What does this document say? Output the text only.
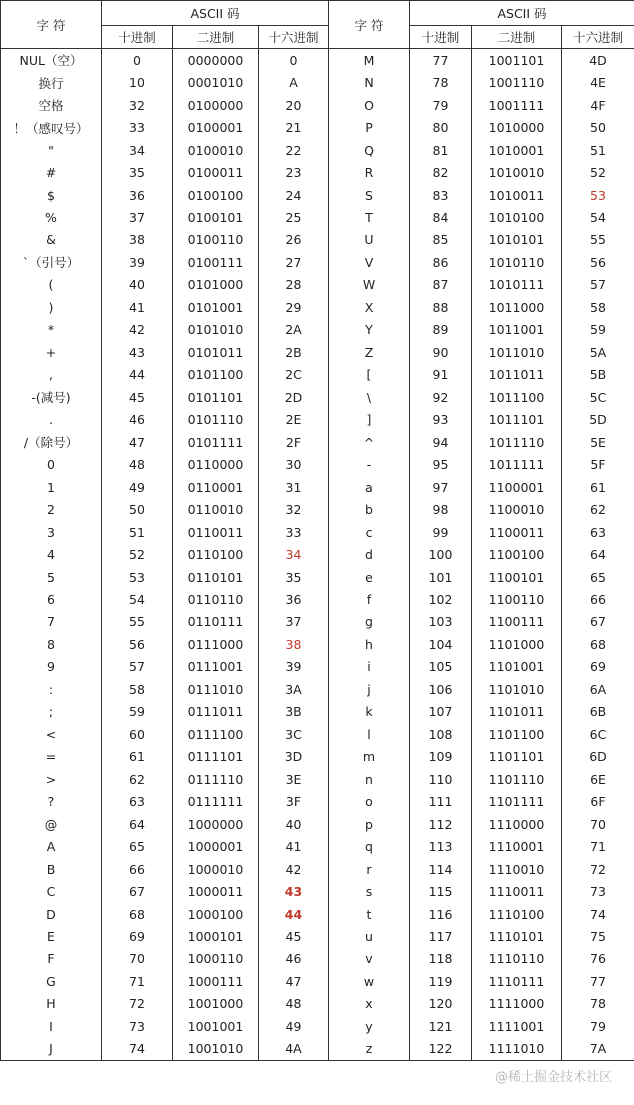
字 符	ASCII 码			字 符	ASCII 码		
	十进制	二进制	十六进制		十进制	二进制	十六进制
NUL（空）	0	0000000	0	M	77	1001101	4D
换行	10	0001010	A	N	78	1001110	4E
空格	32	0100000	20	O	79	1001111	4F
！（感叹号）	33	0100001	21	P	80	1010000	50
"	34	0100010	22	Q	81	1010001	51
#	35	0100011	23	R	82	1010010	52
$	36	0100100	24	S	83	1010011	53
%	37	0100101	25	T	84	1010100	54
&	38	0100110	26	U	85	1010101	55
`（引号）	39	0100111	27	V	86	1010110	56
(	40	0101000	28	W	87	1010111	57
)	41	0101001	29	X	88	1011000	58
*	42	0101010	2A	Y	89	1011001	59
+	43	0101011	2B	Z	90	1011010	5A
,	44	0101100	2C	[	91	1011011	5B
-(减号)	45	0101101	2D	\	92	1011100	5C
.	46	0101110	2E	]	93	1011101	5D
/（除号）	47	0101111	2F	^	94	1011110	5E
0	48	0110000	30	-	95	1011111	5F
1	49	0110001	31	a	97	1100001	61
2	50	0110010	32	b	98	1100010	62
3	51	0110011	33	c	99	1100011	63
4	52	0110100	34	d	100	1100100	64
5	53	0110101	35	e	101	1100101	65
6	54	0110110	36	f	102	1100110	66
7	55	0110111	37	g	103	1100111	67
8	56	0111000	38	h	104	1101000	68
9	57	0111001	39	i	105	1101001	69
:	58	0111010	3A	j	106	1101010	6A
;	59	0111011	3B	k	107	1101011	6B
<	60	0111100	3C	l	108	1101100	6C
=	61	0111101	3D	m	109	1101101	6D
>	62	0111110	3E	n	110	1101110	6E
?	63	0111111	3F	o	111	1101111	6F
@	64	1000000	40	p	112	1110000	70
A	65	1000001	41	q	113	1110001	71
B	66	1000010	42	r	114	1110010	72
C	67	1000011	43	s	115	1110011	73
D	68	1000100	44	t	116	1110100	74
E	69	1000101	45	u	117	1110101	75
F	70	1000110	46	v	118	1110110	76
G	71	1000111	47	w	119	1110111	77
H	72	1001000	48	x	120	1111000	78
I	73	1001001	49	y	121	1111001	79
J	74	1001010	4A	z	122	1111010	7A
@稀土掘金技术社区
